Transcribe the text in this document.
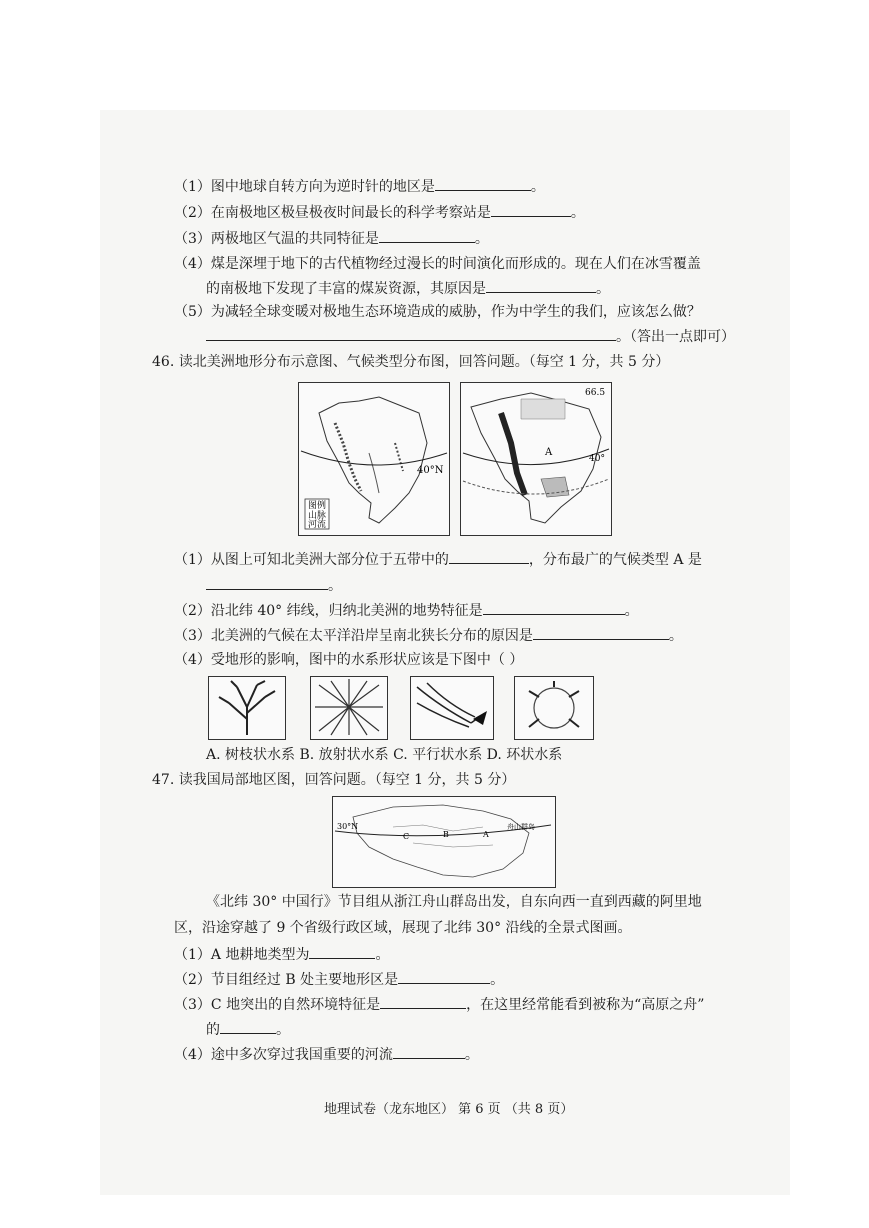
（1）图中地球自转方向为逆时针的地区是	。
（2）在南极地区极昼极夜时间最长的科学考察站是	。
（3）两极地区气温的共同特征是	。
（4）煤是深埋于地下的古代植物经过漫长的时间演化而形成的。现在人们在冰雪覆盖
的南极地下发现了丰富的煤炭资源，其原因是	。
（5）为减轻全球变暖对极地生态环境造成的威胁，作为中学生的我们，应该怎么做？
。（答出一点即可）
46. 读北美洲地形分布示意图、气候类型分布图，回答问题。（每空 1 分，共 5 分）
图例
山脉
河流
40°N
A
40°
66.5
（1）从图上可知北美洲大部分位于五带中的	，分布最广的气候类型 A 是
。
（2）沿北纬 40° 纬线，归纳北美洲的地势特征是	。
（3）北美洲的气候在太平洋沿岸呈南北狭长分布的原因是	。
（4）受地形的影响，图中的水系形状应该是下图中（ ）
A. 树枝状水系 B. 放射状水系 C. 平行状水系 D. 环状水系
47. 读我国局部地区图，回答问题。（每空 1 分，共 5 分）
30°N
C	B	A
舟山群岛
《北纬 30° 中国行》节目组从浙江舟山群岛出发，自东向西一直到西藏的阿里地
区，沿途穿越了 9 个省级行政区域，展现了北纬 30° 沿线的全景式图画。
（1）A 地耕地类型为	。
（2）节目组经过 B 处主要地形区是	。
（3）C 地突出的自然环境特征是	，在这里经常能看到被称为“高原之舟”
的	。
（4）途中多次穿过我国重要的河流	。
地理试卷（龙东地区） 第 6 页 （共 8 页）
